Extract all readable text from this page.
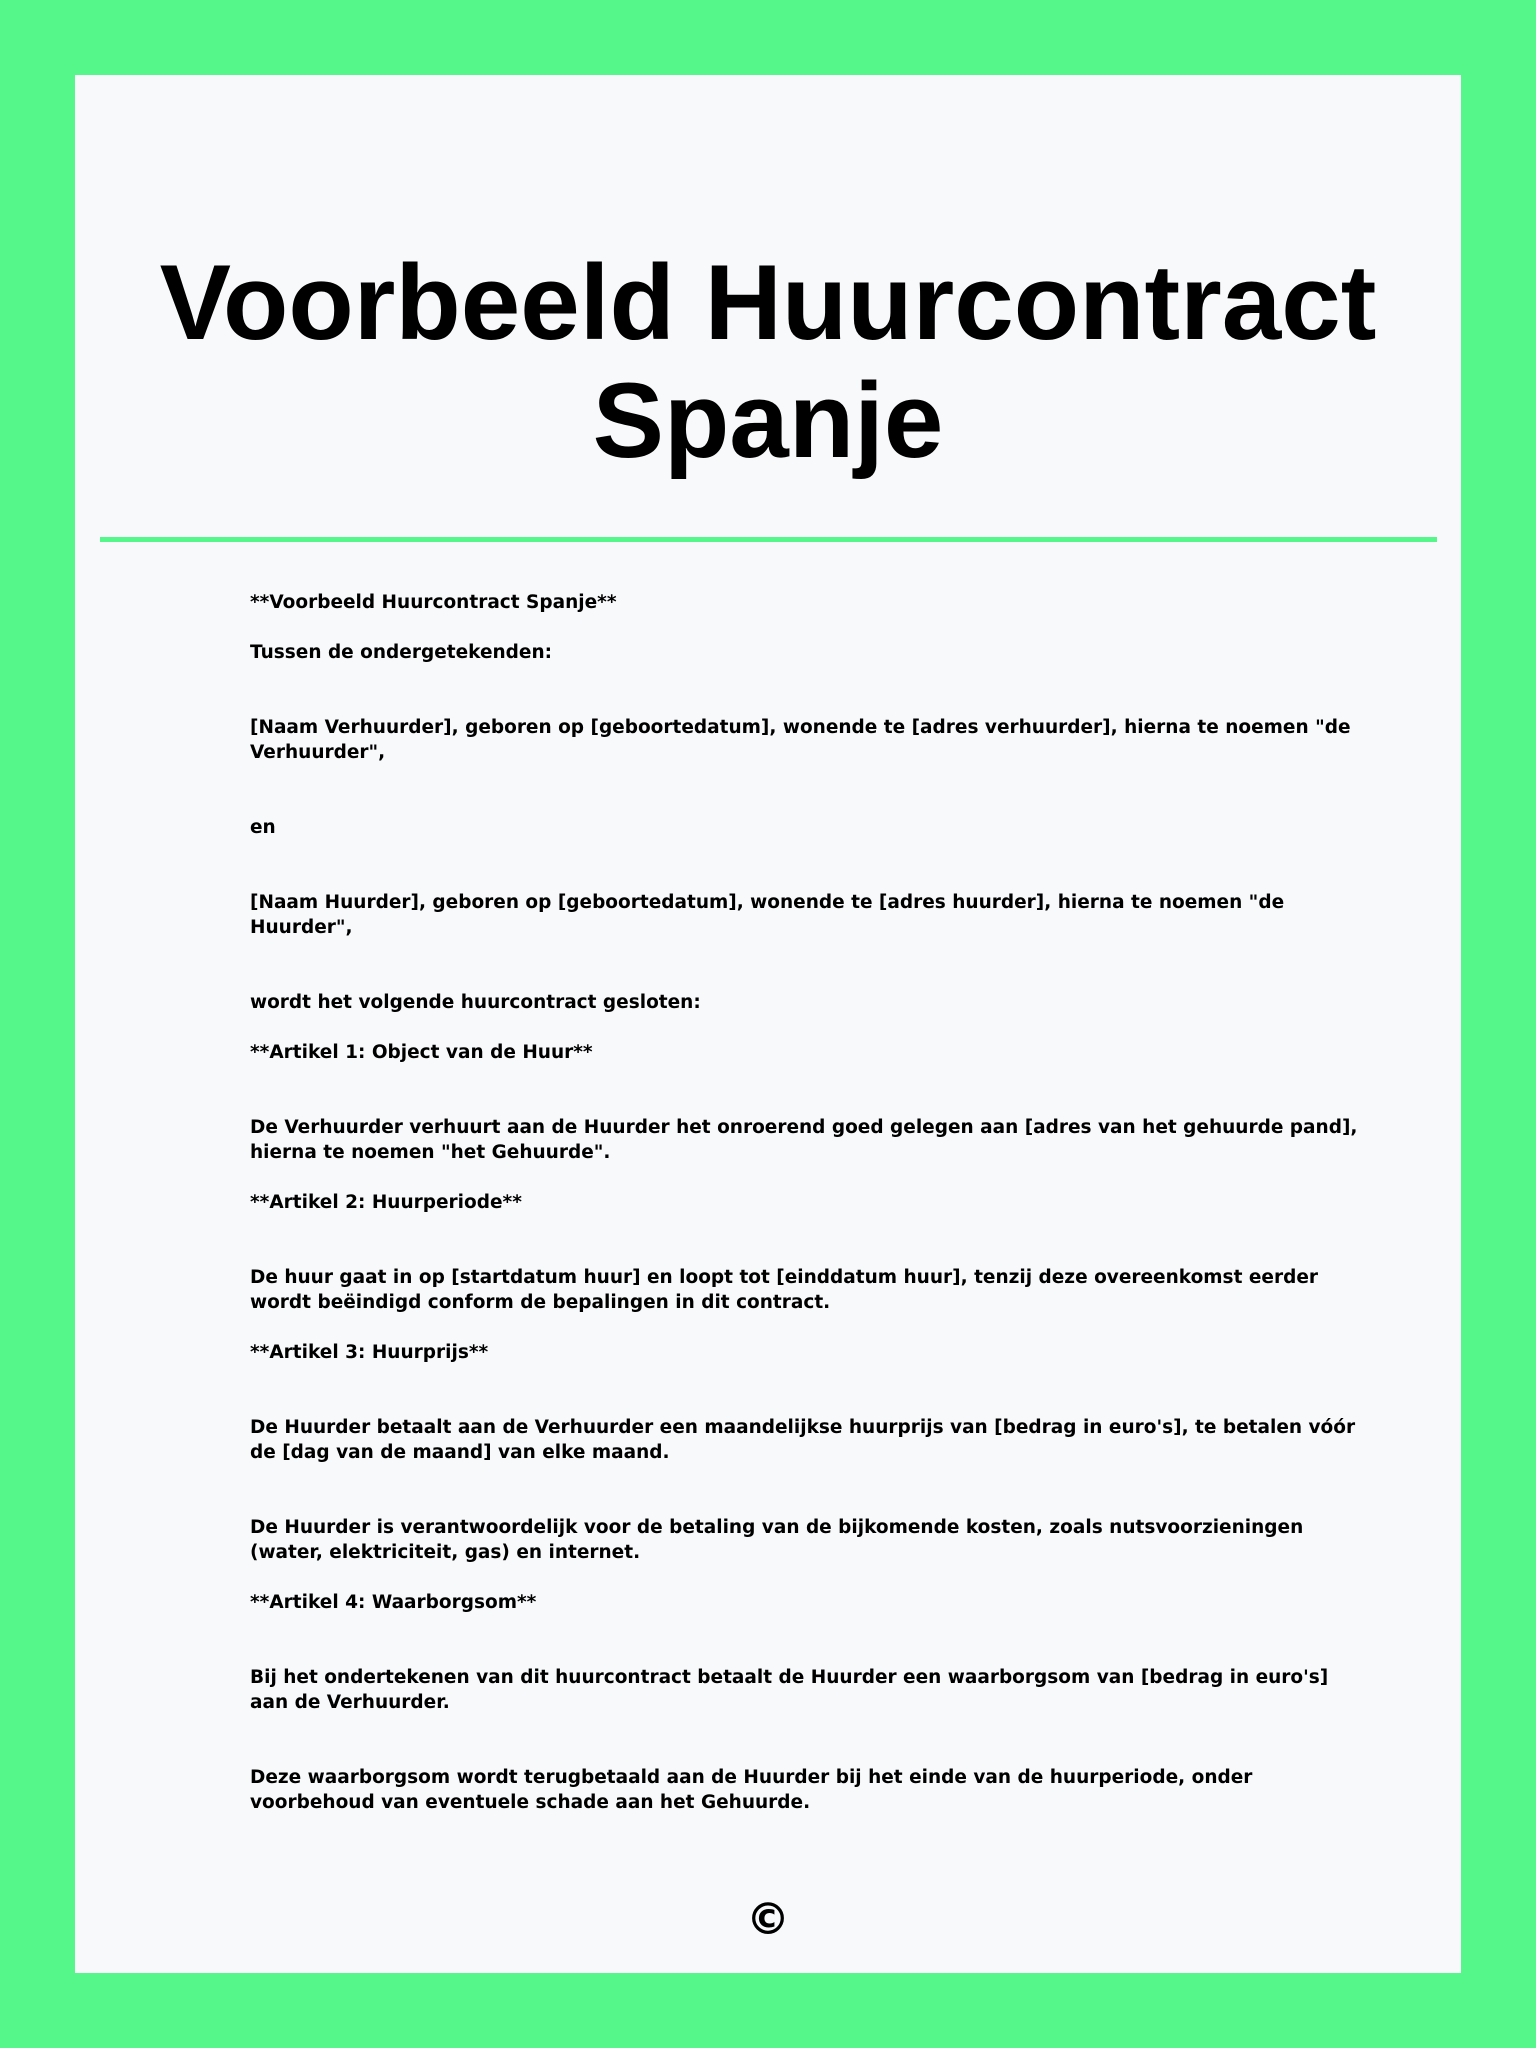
Voorbeeld Huurcontract
Spanje

**Voorbeeld Huurcontract Spanje**

Tussen de ondergetekenden:

[Naam Verhuurder], geboren op [geboortedatum], wonende te [adres verhuurder], hierna te noemen "de Verhuurder",

en

[Naam Huurder], geboren op [geboortedatum], wonende te [adres huurder], hierna te noemen "de Huurder",

wordt het volgende huurcontract gesloten:

**Artikel 1: Object van de Huur**

De Verhuurder verhuurt aan de Huurder het onroerend goed gelegen aan [adres van het gehuurde pand], hierna te noemen "het Gehuurde".

**Artikel 2: Huurperiode**

De huur gaat in op [startdatum huur] en loopt tot [einddatum huur], tenzij deze overeenkomst eerder wordt beëindigd conform de bepalingen in dit contract.

**Artikel 3: Huurprijs**

De Huurder betaalt aan de Verhuurder een maandelijkse huurprijs van [bedrag in euro's], te betalen vóór de [dag van de maand] van elke maand.

De Huurder is verantwoordelijk voor de betaling van de bijkomende kosten, zoals nutsvoorzieningen (water, elektriciteit, gas) en internet.

**Artikel 4: Waarborgsom**

Bij het ondertekenen van dit huurcontract betaalt de Huurder een waarborgsom van [bedrag in euro's] aan de Verhuurder.

Deze waarborgsom wordt terugbetaald aan de Huurder bij het einde van de huurperiode, onder voorbehoud van eventuele schade aan het Gehuurde.

©
